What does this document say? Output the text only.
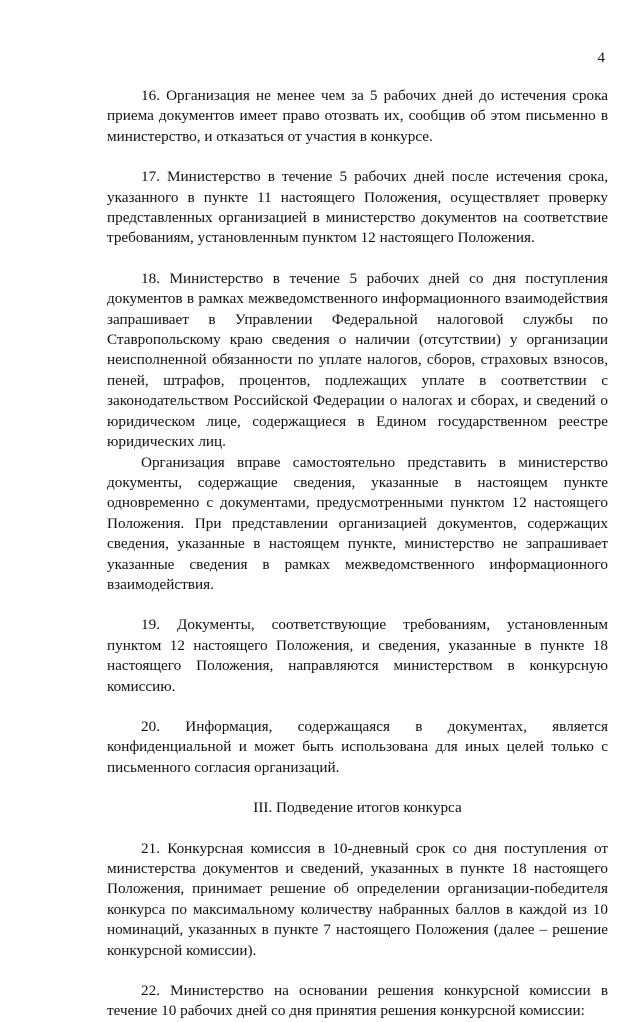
4

16. Организация не менее чем за 5 рабочих дней до истечения срока приема документов имеет право отозвать их, сообщив об этом письменно в министерство, и отказаться от участия в конкурсе.

17. Министерство в течение 5 рабочих дней после истечения срока, указанного в пункте 11 настоящего Положения, осуществляет проверку представленных организацией в министерство документов на соответствие требованиям, установленным пунктом 12 настоящего Положения.

18. Министерство в течение 5 рабочих дней со дня поступления документов в рамках межведомственного информационного взаимодействия запрашивает в Управлении Федеральной налоговой службы по Ставропольскому краю сведения о наличии (отсутствии) у организации неисполненной обязанности по уплате налогов, сборов, страховых взносов, пеней, штрафов, процентов, подлежащих уплате в соответствии с законодательством Российской Федерации о налогах и сборах, и сведений о юридическом лице, содержащиеся в Едином государственном реестре юридических лиц.

Организация вправе самостоятельно представить в министерство документы, содержащие сведения, указанные в настоящем пункте одновременно с документами, предусмотренными пунктом 12 настоящего Положения. При представлении организацией документов, содержащих сведения, указанные в настоящем пункте, министерство не запрашивает указанные сведения в рамках межведомственного информационного взаимодействия.

19. Документы, соответствующие требованиям, установленным пунктом 12 настоящего Положения, и сведения, указанные в пункте 18 настоящего Положения, направляются министерством в конкурсную комиссию.

20. Информация, содержащаяся в документах, является конфиденциальной и может быть использована для иных целей только с письменного согласия организаций.

III. Подведение итогов конкурса

21. Конкурсная комиссия в 10-дневный срок со дня поступления от министерства документов и сведений, указанных в пункте 18 настоящего Положения, принимает решение об определении организации-победителя конкурса по максимальному количеству набранных баллов в каждой из 10 номинаций, указанных в пункте 7 настоящего Положения (далее – решение конкурсной комиссии).

22. Министерство на основании решения конкурсной комиссии в течение 10 рабочих дней со дня принятия решения конкурсной комиссии:
